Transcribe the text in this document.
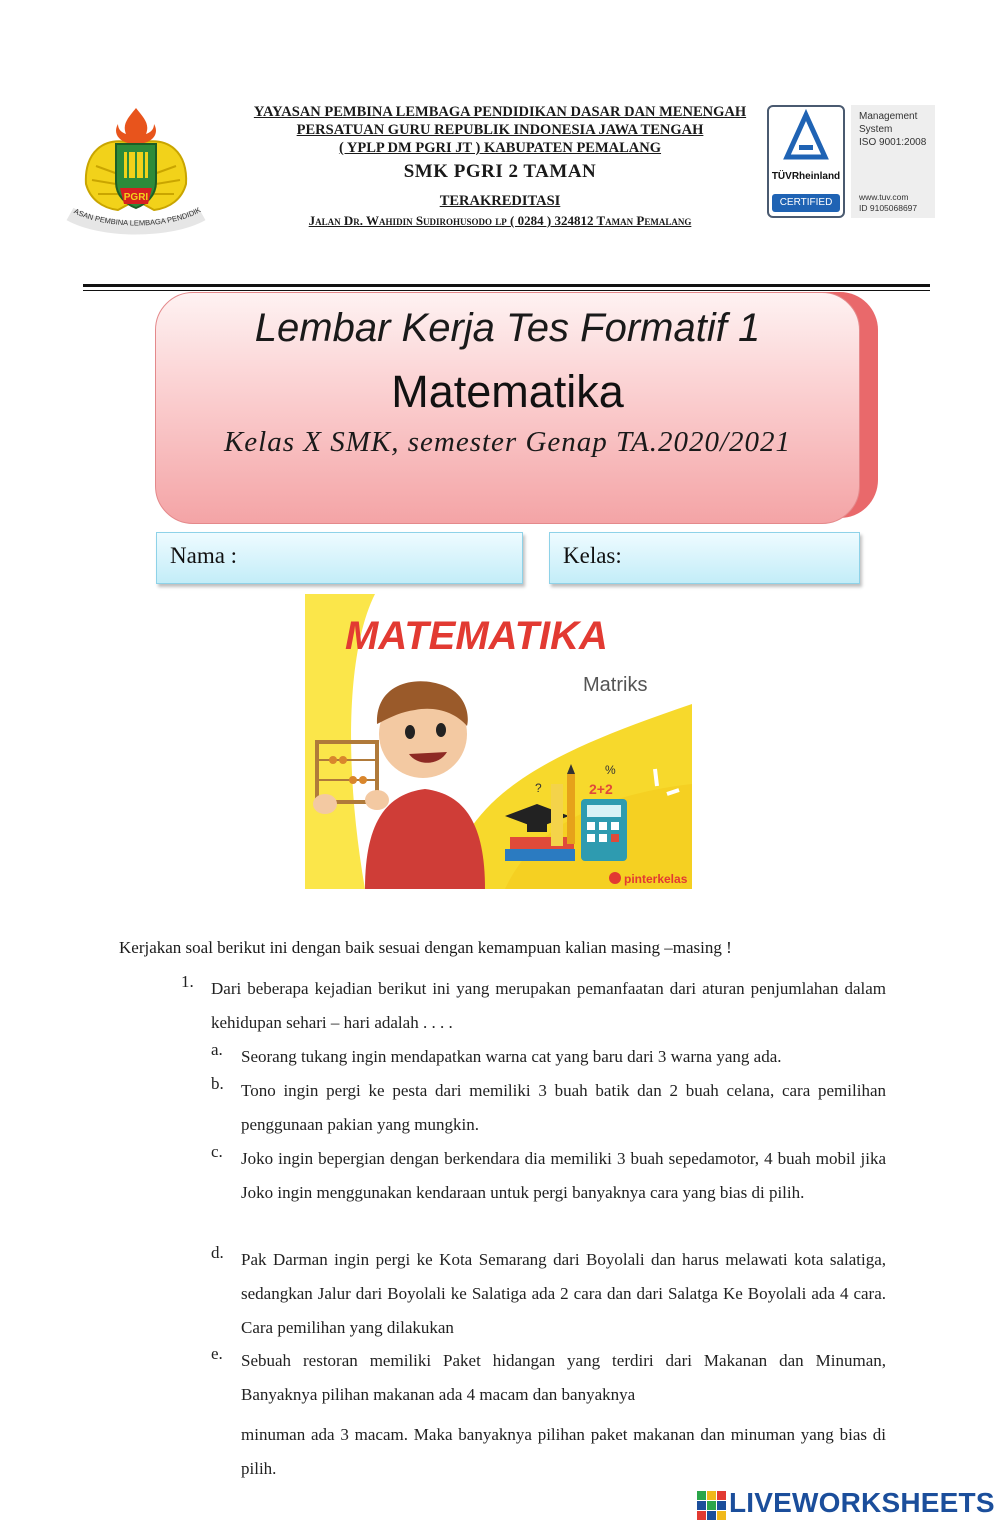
PGRI
ASAN PEMBINA LEMBAGA PENDIDIK
YAYASAN PEMBINA LEMBAGA PENDIDIKAN DASAR DAN MENENGAH
PERSATUAN GURU REPUBLIK INDONESIA JAWA TENGAH
( YPLP DM PGRI JT ) KABUPATEN PEMALANG
SMK PGRI 2 TAMAN
TERAKREDITASI
Jalan Dr. Wahidin Sudirohusodo lp ( 0284 ) 324812 Taman Pemalang
TÜVRheinland
CERTIFIED
Management
System
ISO 9001:2008
www.tuv.com
ID 9105068697
Lembar Kerja Tes Formatif 1
Matematika
Kelas X SMK, semester Genap TA.2020/2021
Nama :	Kelas:
MATEMATIKA
Matriks
2+2
?
%
pinterkelas
Kerjakan soal berikut ini dengan baik sesuai dengan kemampuan kalian masing –masing !
1. Dari beberapa kejadian berikut ini yang merupakan pemanfaatan dari aturan penjumlahan dalam kehidupan sehari – hari adalah . . . .
a. Seorang tukang ingin mendapatkan warna cat yang baru dari 3 warna yang ada.
b. Tono ingin pergi ke pesta dari memiliki 3 buah batik dan 2 buah celana, cara pemilihan penggunaan pakian yang mungkin.
c. Joko ingin bepergian dengan berkendara dia memiliki 3 buah sepedamotor, 4 buah mobil jika Joko ingin menggunakan kendaraan untuk pergi banyaknya cara yang bias di pilih.
d. Pak Darman ingin pergi ke Kota Semarang dari Boyolali dan harus melawati kota salatiga, sedangkan Jalur dari Boyolali ke Salatiga ada 2 cara dan dari Salatga Ke Boyolali ada 4 cara. Cara pemilihan yang dilakukan
e. Sebuah restoran memiliki Paket hidangan yang terdiri dari Makanan dan Minuman, Banyaknya pilihan makanan ada 4 macam dan banyaknya
minuman ada 3 macam. Maka banyaknya pilihan paket makanan dan minuman yang bias di pilih.
LIVEWORKSHEETS
